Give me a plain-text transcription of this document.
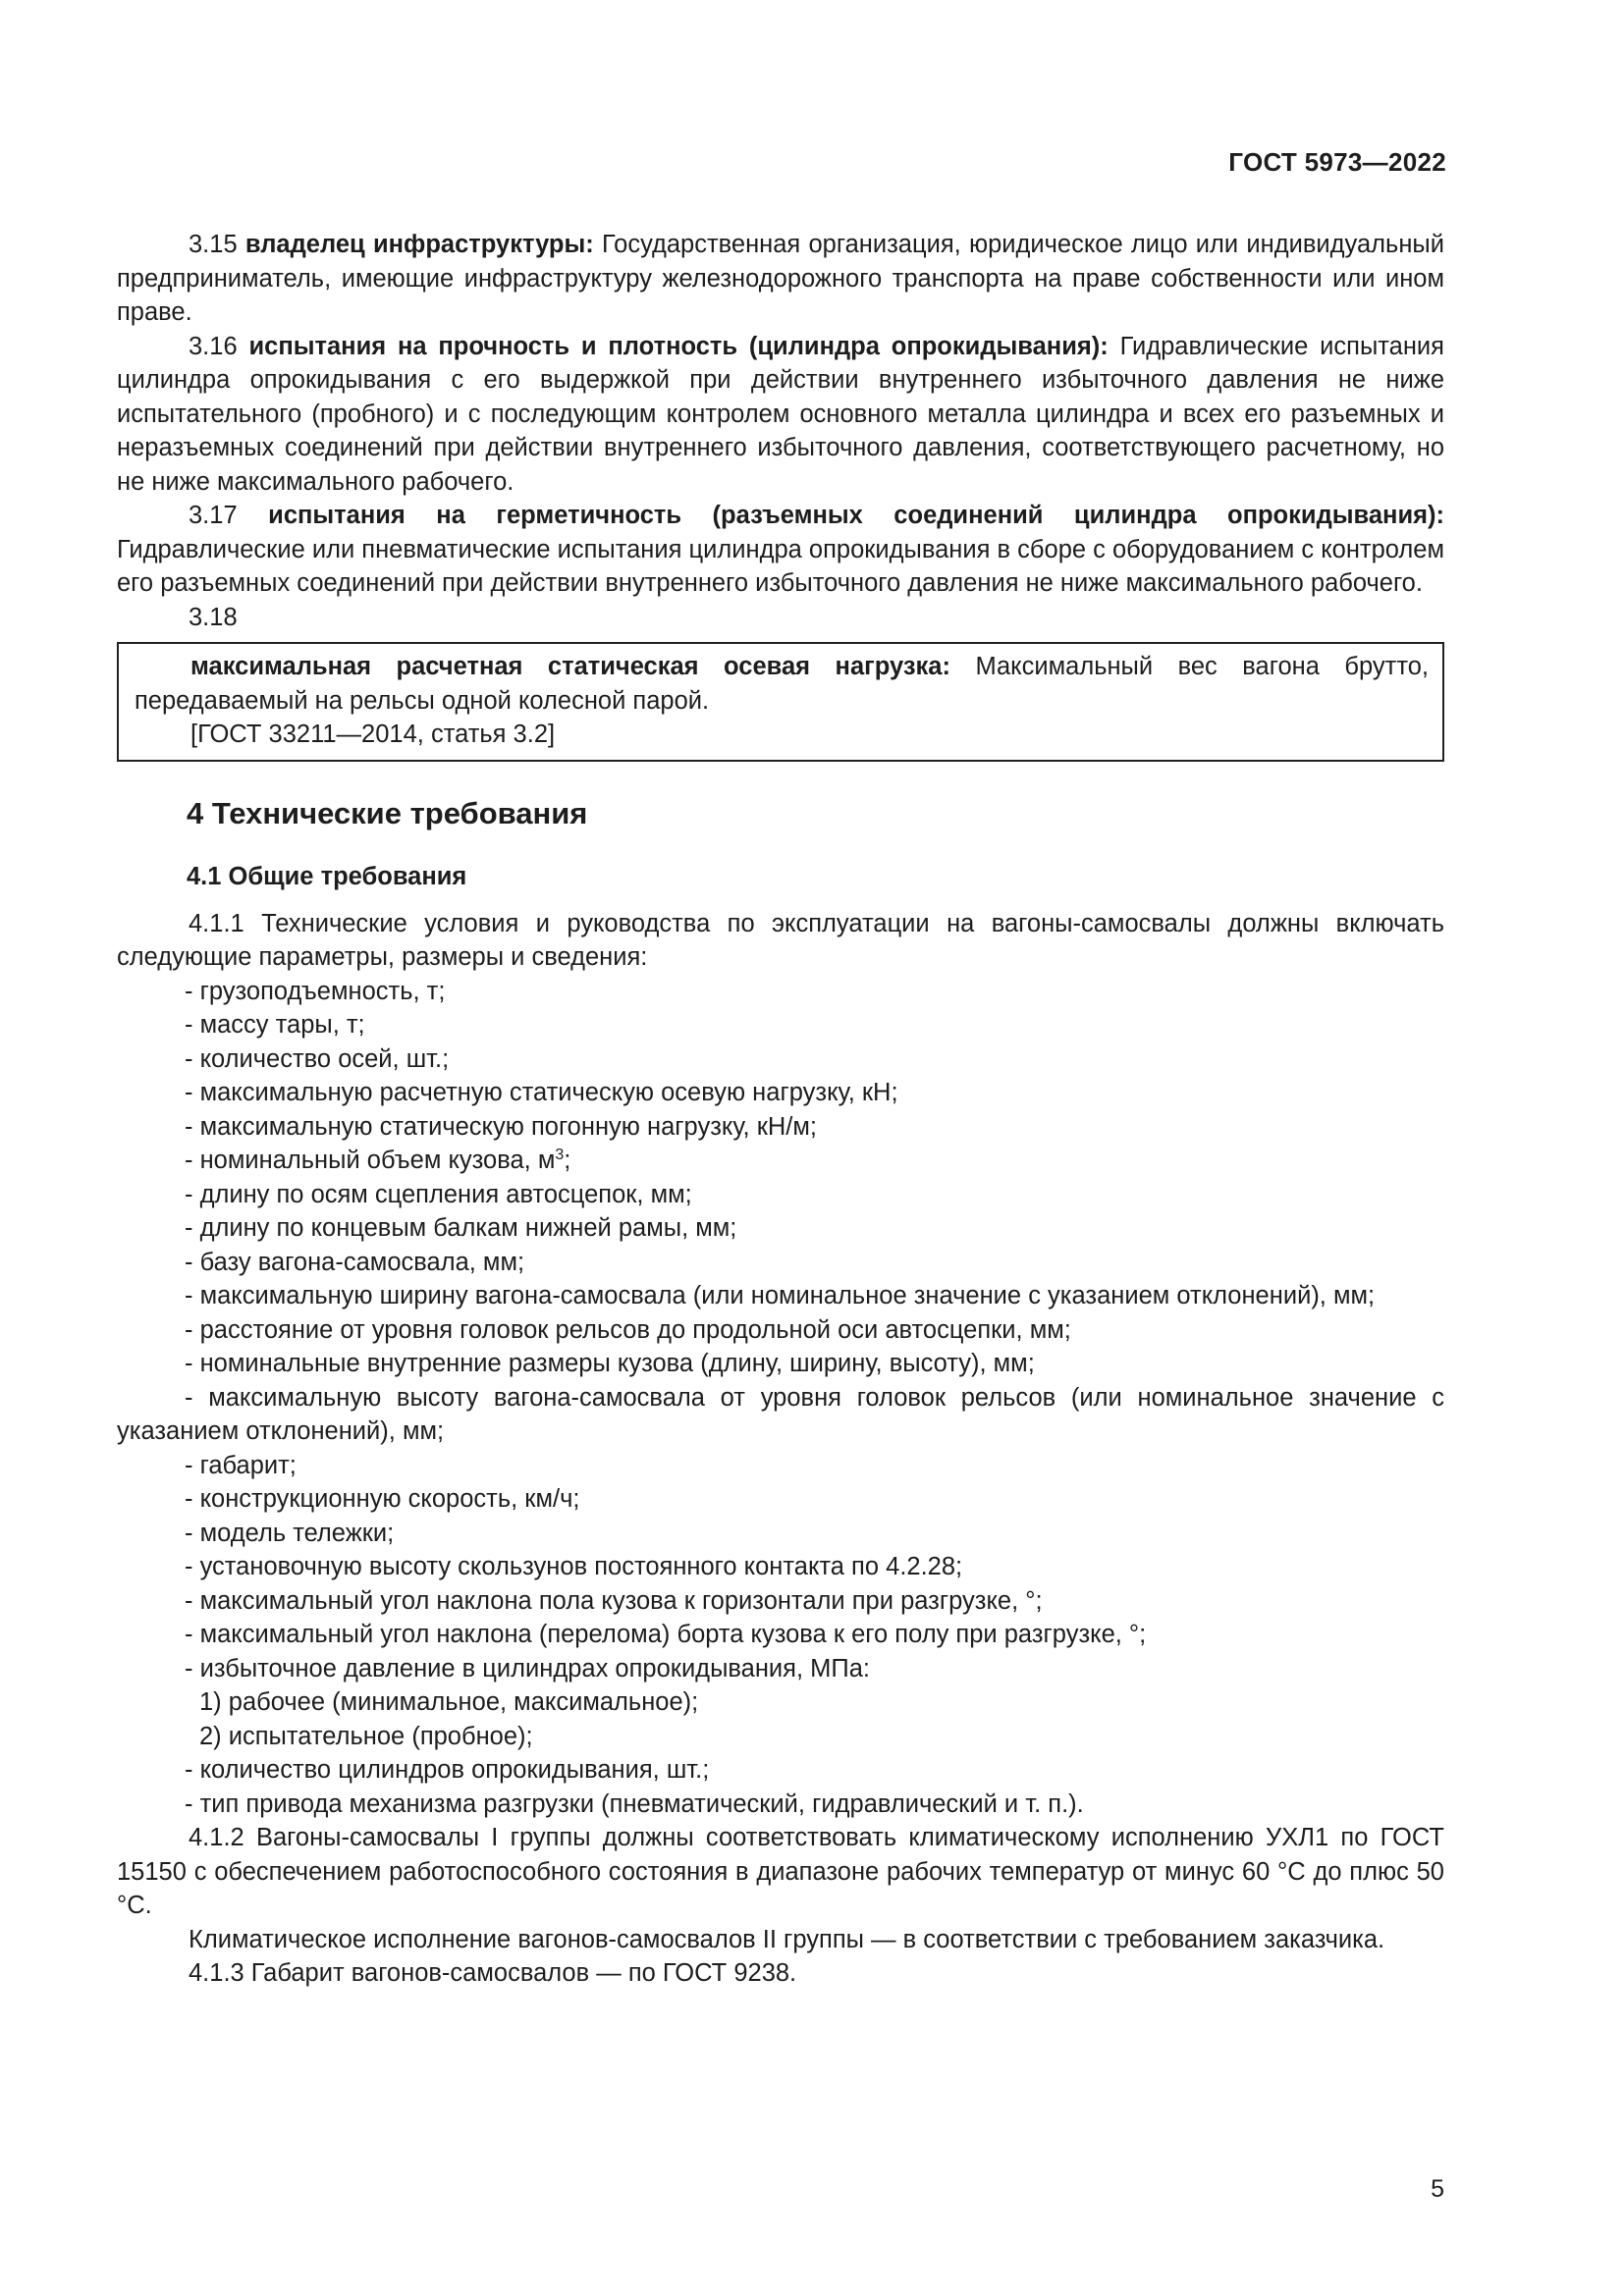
ГОСТ 5973—2022

3.15 владелец инфраструктуры: Государственная организация, юридическое лицо или индивидуальный предприниматель, имеющие инфраструктуру железнодорожного транспорта на праве собственности или ином праве.

3.16 испытания на прочность и плотность (цилиндра опрокидывания): Гидравлические испытания цилиндра опрокидывания с его выдержкой при действии внутреннего избыточного давления не ниже испытательного (пробного) и с последующим контролем основного металла цилиндра и всех его разъемных и неразъемных соединений при действии внутреннего избыточного давления, соответствующего расчетному, но не ниже максимального рабочего.

3.17 испытания на герметичность (разъемных соединений цилиндра опрокидывания): Гидравлические или пневматические испытания цилиндра опрокидывания в сборе с оборудованием с контролем его разъемных соединений при действии внутреннего избыточного давления не ниже максимального рабочего.

3.18

максимальная расчетная статическая осевая нагрузка: Максимальный вес вагона брутто, передаваемый на рельсы одной колесной парой.

[ГОСТ 33211—2014, статья 3.2]

4 Технические требования
4.1 Общие требования

4.1.1 Технические условия и руководства по эксплуатации на вагоны-самосвалы должны включать следующие параметры, размеры и сведения:

- грузоподъемность, т;

- массу тары, т;

- количество осей, шт.;

- максимальную расчетную статическую осевую нагрузку, кН;

- максимальную статическую погонную нагрузку, кН/м;

- номинальный объем кузова, $м^3$;

- длину по осям сцепления автосцепок, мм;

- длину по концевым балкам нижней рамы, мм;

- базу вагона-самосвала, мм;

- максимальную ширину вагона-самосвала (или номинальное значение с указанием отклонений), мм;

- расстояние от уровня головок рельсов до продольной оси автосцепки, мм;

- номинальные внутренние размеры кузова (длину, ширину, высоту), мм;

- максимальную высоту вагона-самосвала от уровня головок рельсов (или номинальное значение с указанием отклонений), мм;

- габарит;

- конструкционную скорость, км/ч;

- модель тележки;

- установочную высоту скользунов постоянного контакта по 4.2.28;

- максимальный угол наклона пола кузова к горизонтали при разгрузке, °;

- максимальный угол наклона (перелома) борта кузова к его полу при разгрузке, °;

- избыточное давление в цилиндрах опрокидывания, МПа:

1) рабочее (минимальное, максимальное);

2) испытательное (пробное);

- количество цилиндров опрокидывания, шт.;

- тип привода механизма разгрузки (пневматический, гидравлический и т. п.).

4.1.2 Вагоны-самосвалы I группы должны соответствовать климатическому исполнению УХЛ1 по ГОСТ 15150 с обеспечением работоспособного состояния в диапазоне рабочих температур от минус 60 °C до плюс 50 °C.

Климатическое исполнение вагонов-самосвалов II группы — в соответствии с требованием заказчика.

4.1.3 Габарит вагонов-самосвалов — по ГОСТ 9238.

5
